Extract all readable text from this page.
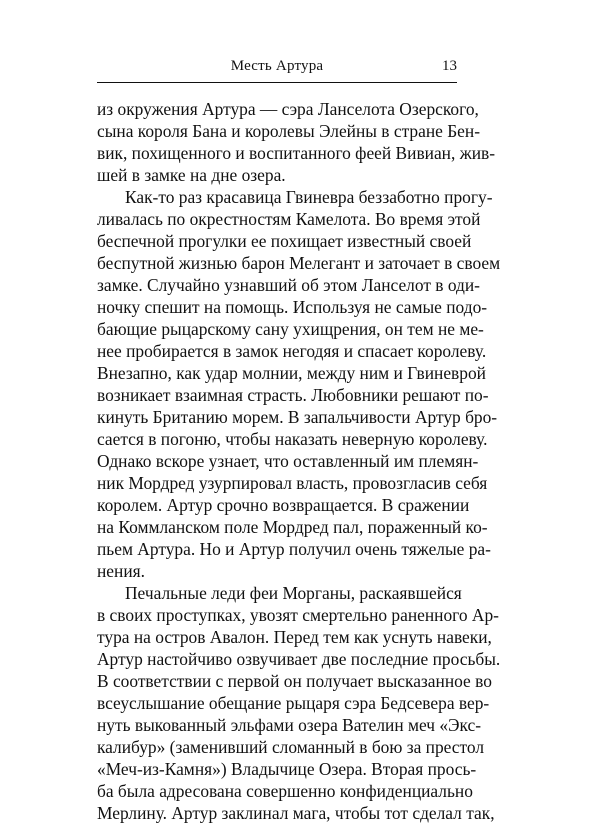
Месть Артура	13
из окружения Артура — сэра Ланселота Озерского,
сына короля Бана и королевы Элейны в стране Бен-
вик, похищенного и воспитанного феей Вивиан, жив-
шей в замке на дне озера.
Как-то раз красавица Гвиневра беззаботно прогу-
ливалась по окрестностям Камелота. Во время этой
беспечной прогулки ее похищает известный своей
беспутной жизнью барон Мелегант и заточает в своем
замке. Случайно узнавший об этом Ланселот в оди-
ночку спешит на помощь. Используя не самые подо-
бающие рыцарскому сану ухищрения, он тем не ме-
нее пробирается в замок негодяя и спасает королеву.
Внезапно, как удар молнии, между ним и Гвиневрой
возникает взаимная страсть. Любовники решают по-
кинуть Британию морем. В запальчивости Артур бро-
сается в погоню, чтобы наказать неверную королеву.
Однако вскоре узнает, что оставленный им племян-
ник Мордред узурпировал власть, провозгласив себя
королем. Артур срочно возвращается. В сражении
на Коммланском поле Мордред пал, пораженный ко-
пьем Артура. Но и Артур получил очень тяжелые ра-
нения.
Печальные леди феи Морганы, раскаявшейся
в своих проступках, увозят смертельно раненного Ар-
тура на остров Авалон. Перед тем как уснуть навеки,
Артур настойчиво озвучивает две последние просьбы.
В соответствии с первой он получает высказанное во
всеуслышание обещание рыцаря сэра Бедсевера вер-
нуть выкованный эльфами озера Вателин меч «Экс-
калибур» (заменивший сломанный в бою за престол
«Меч-из-Камня») Владычице Озера. Вторая прось-
ба была адресована совершенно конфиденциально
Мерлину. Артур заклинал мага, чтобы тот сделал так,
